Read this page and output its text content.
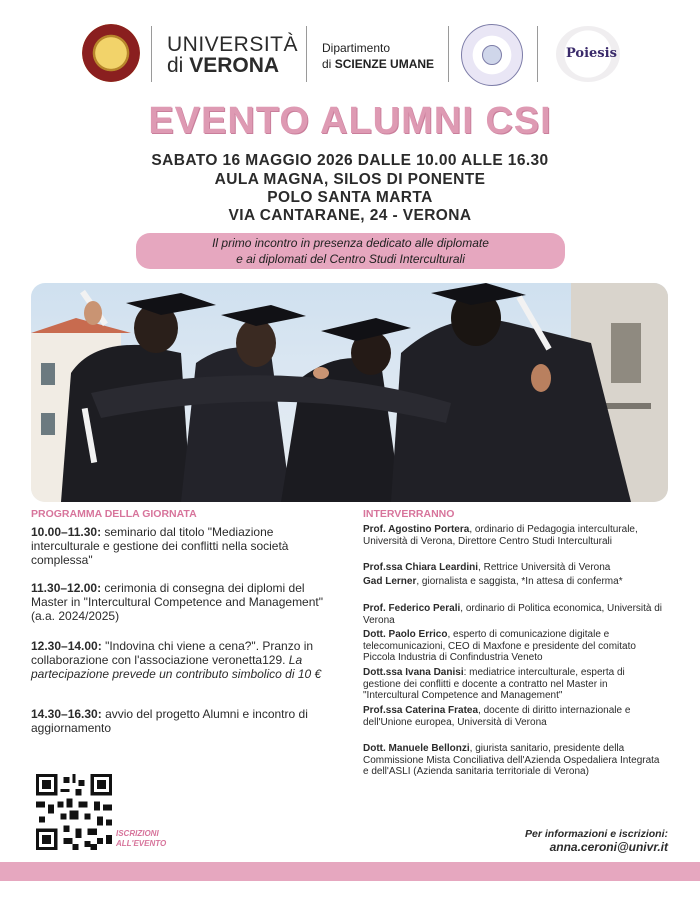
UNIVERSITÀ
di VERONA
Dipartimento
di SCIENZE UMANE
Poiesis
EVENTO ALUMNI CSI
SABATO 16 MAGGIO 2026 DALLE 10.00 ALLE 16.30
AULA MAGNA, SILOS DI PONENTE
POLO SANTA MARTA
VIA CANTARANE, 24 - VERONA
Il primo incontro in presenza dedicato alle diplomate
e ai diplomati del Centro Studi Interculturali
PROGRAMMA DELLA GIORNATA
10.00–11.30: seminario dal titolo "Mediazione interculturale e gestione dei conflitti nella società complessa"
11.30–12.00: cerimonia di consegna dei diplomi del Master in "Intercultural Competence and Management" (a.a. 2024/2025)
12.30–14.00: "Indovina chi viene a cena?". Pranzo in collaborazione con l'associazione veronetta129. La partecipazione prevede un contributo simbolico di 10 €
14.30–16.30: avvio del progetto Alumni e incontro di aggiornamento
INTERVERRANNO
Prof. Agostino Portera, ordinario di Pedagogia interculturale, Università di Verona, Direttore Centro Studi Interculturali
Prof.ssa Chiara Leardini, Rettrice Università di Verona
Gad Lerner, giornalista e saggista, *In attesa di conferma*
Prof. Federico Perali, ordinario di Politica economica, Università di Verona
Dott. Paolo Errico, esperto di comunicazione digitale e telecomunicazioni, CEO di Maxfone e presidente del comitato Piccola Industria di Confindustria Veneto
Dott.ssa Ivana Danisi: mediatrice interculturale, esperta di gestione dei conflitti e docente a contratto nel Master in "Intercultural Competence and Management"
Prof.ssa Caterina Fratea, docente di diritto internazionale e dell'Unione europea, Università di Verona
Dott. Manuele Bellonzi, giurista sanitario, presidente della Commissione Mista Conciliativa dell'Azienda Ospedaliera Integrata e dell'ASLI (Azienda sanitaria territoriale di Verona)
ISCRIZIONI
ALL'EVENTO
Per informazioni e iscrizioni:
anna.ceroni@univr.it
